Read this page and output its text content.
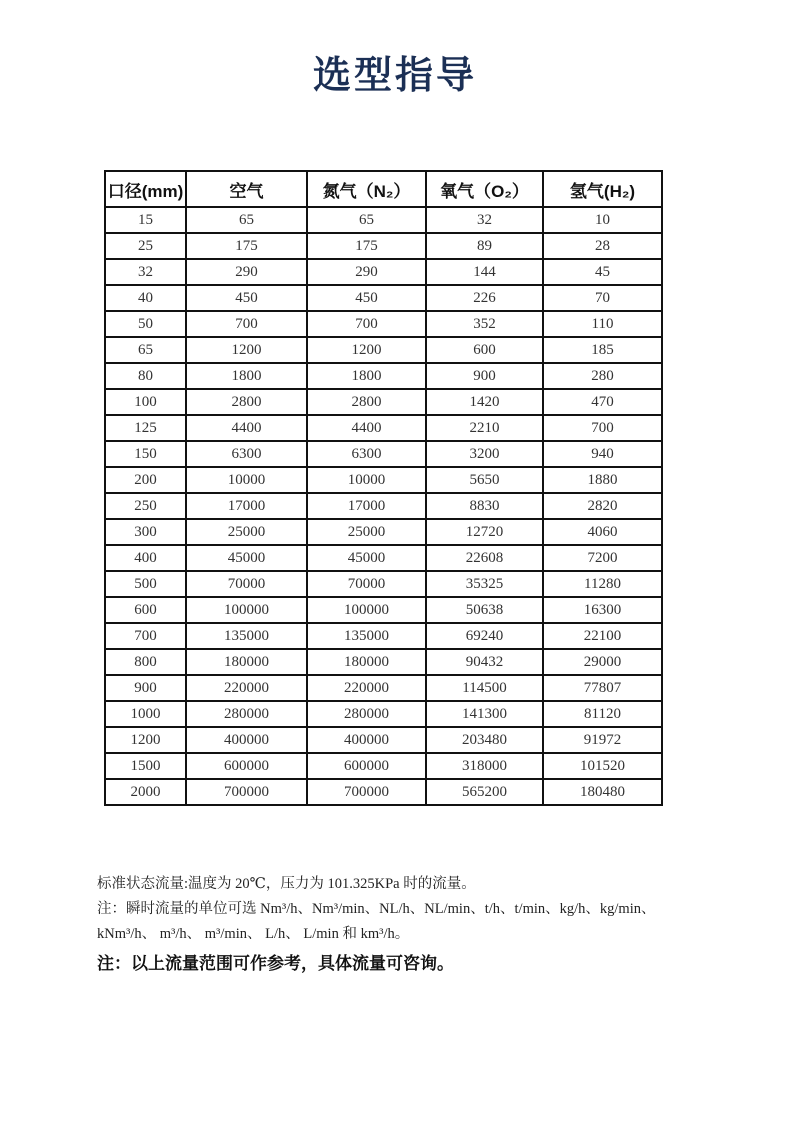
选型指导
口径(mm)	空气	氮气（N₂）	氧气（O₂）	氢气(H₂)
15	65	65	32	10
25	175	175	89	28
32	290	290	144	45
40	450	450	226	70
50	700	700	352	110
65	1200	1200	600	185
80	1800	1800	900	280
100	2800	2800	1420	470
125	4400	4400	2210	700
150	6300	6300	3200	940
200	10000	10000	5650	1880
250	17000	17000	8830	2820
300	25000	25000	12720	4060
400	45000	45000	22608	7200
500	70000	70000	35325	11280
600	100000	100000	50638	16300
700	135000	135000	69240	22100
800	180000	180000	90432	29000
900	220000	220000	114500	77807
1000	280000	280000	141300	81120
1200	400000	400000	203480	91972
1500	600000	600000	318000	101520
2000	700000	700000	565200	180480
标准状态流量:温度为 20℃，压力为 101.325KPa 时的流量。
注：瞬时流量的单位可选 Nm³/h、Nm³/min、NL/h、NL/min、t/h、t/min、kg/h、kg/min、
kNm³/h、 m³/h、 m³/min、 L/h、 L/min 和 km³/h。
注：以上流量范围可作参考，具体流量可咨询。
